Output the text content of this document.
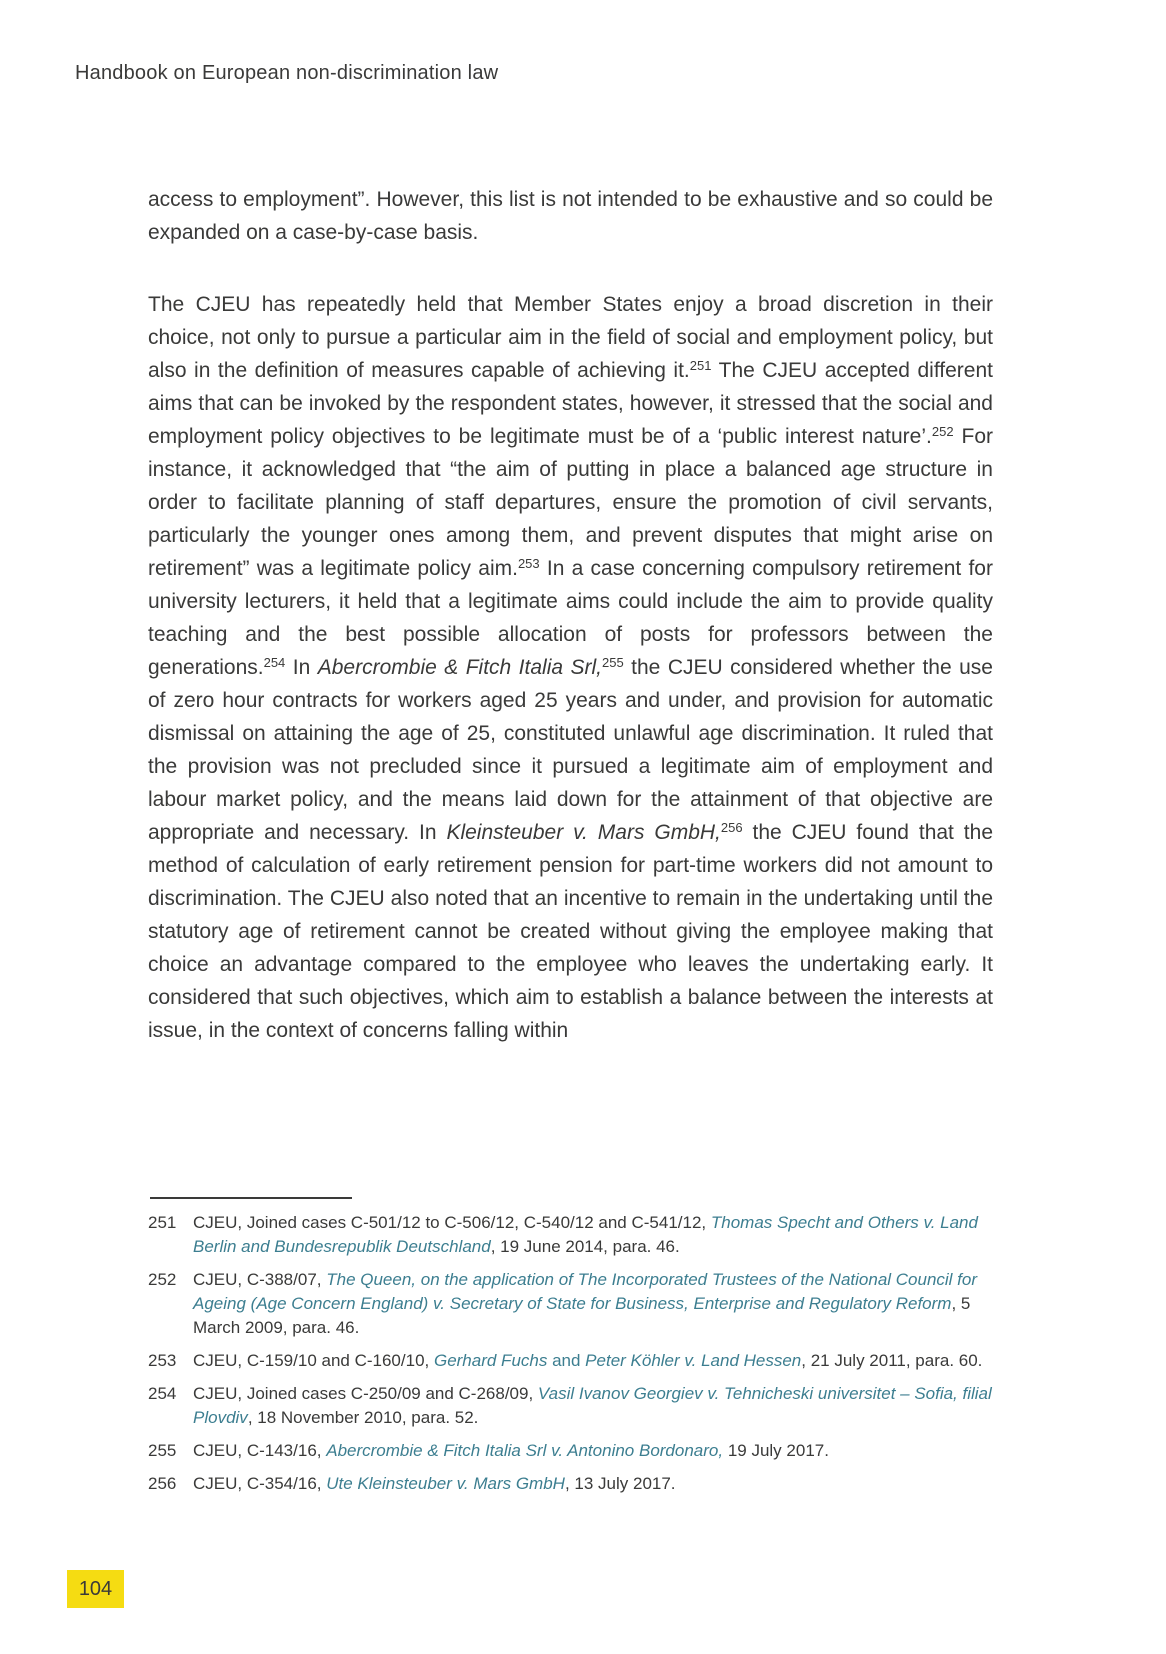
Handbook on European non-discrimination law

access to employment”. However, this list is not intended to be exhaustive and so could be expanded on a case-by-case basis.

The CJEU has repeatedly held that Member States enjoy a broad discretion in their choice, not only to pursue a particular aim in the field of social and employment policy, but also in the definition of measures capable of achieving it.$^{251}$ The CJEU accepted different aims that can be invoked by the respondent states, however, it stressed that the social and employment policy objectives to be legitimate must be of a ‘public interest nature’.$^{252}$ For instance, it acknowledged that “the aim of putting in place a balanced age structure in order to facilitate planning of staff departures, ensure the promotion of civil servants, particularly the younger ones among them, and prevent disputes that might arise on retirement” was a legitimate policy aim.$^{253}$ In a case concerning compulsory retirement for university lecturers, it held that a legitimate aims could include the aim to provide quality teaching and the best possible allocation of posts for professors between the generations.$^{254}$ In Abercrombie & Fitch Italia Srl,$^{255}$ the CJEU considered whether the use of zero hour contracts for workers aged 25 years and under, and provision for automatic dismissal on attaining the age of 25, constituted unlawful age discrimination. It ruled that the provision was not precluded since it pursued a legitimate aim of employment and labour market policy, and the means laid down for the attainment of that objective are appropriate and necessary. In Kleinsteuber v. Mars GmbH,$^{256}$ the CJEU found that the method of calculation of early retirement pension for part-time workers did not amount to discrimination. The CJEU also noted that an incentive to remain in the undertaking until the statutory age of retirement cannot be created without giving the employee making that choice an advantage compared to the employee who leaves the undertaking early. It considered that such objectives, which aim to establish a balance between the interests at issue, in the context of concerns falling within

251 CJEU, Joined cases C-501/12 to C-506/12, C-540/12 and C-541/12, Thomas Specht and Others v. Land Berlin and Bundesrepublik Deutschland, 19 June 2014, para. 46.
252 CJEU, C-388/07, The Queen, on the application of The Incorporated Trustees of the National Council for Ageing (Age Concern England) v. Secretary of State for Business, Enterprise and Regulatory Reform, 5 March 2009, para. 46.
253 CJEU, C-159/10 and C-160/10, Gerhard Fuchs and Peter Köhler v. Land Hessen, 21 July 2011, para. 60.
254 CJEU, Joined cases C-250/09 and C-268/09, Vasil Ivanov Georgiev v. Tehnicheski universitet – Sofia, filial Plovdiv, 18 November 2010, para. 52.
255 CJEU, C-143/16, Abercrombie & Fitch Italia Srl v. Antonino Bordonaro, 19 July 2017.
256 CJEU, C-354/16, Ute Kleinsteuber v. Mars GmbH, 13 July 2017.
104
